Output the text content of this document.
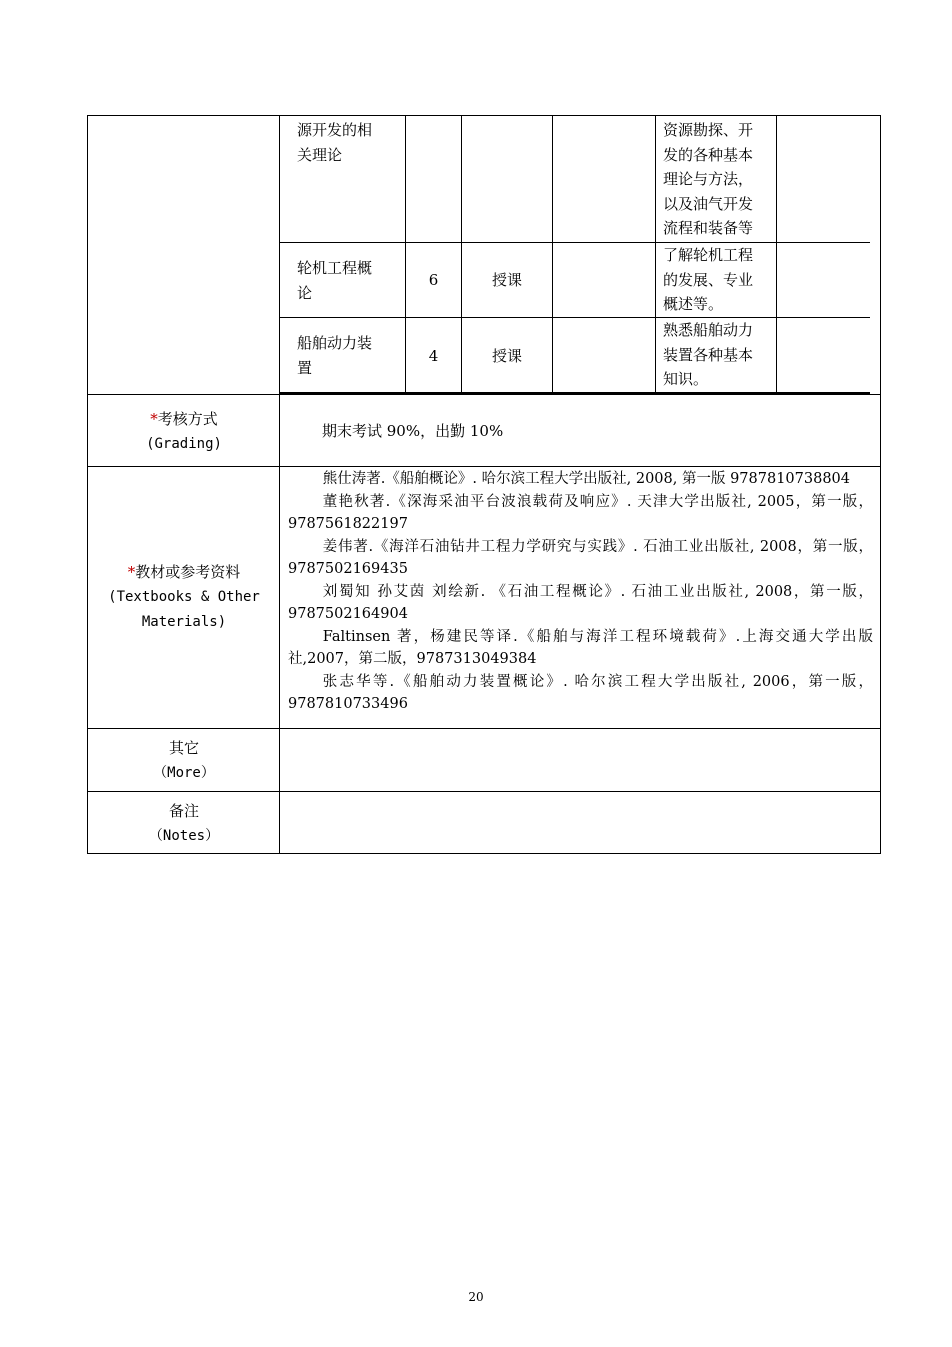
源开发的相
关理论
资源勘探、开
发的各种基本
理论与方法，
以及油气开发
流程和装备等
轮机工程概
论
6	授课
了解轮机工程
的发展、专业
概述等。
船舶动力装
置
4	授课
熟悉船舶动力
装置各种基本
知识。
*考核方式
(Grading)
期末考试 90%，出勤 10%
*教材或参考资料
(Textbooks & Other
Materials)

熊仕涛著.《船舶概论》. 哈尔滨工程大学出版社, 2008, 第一版 9787810738804

董艳秋著.《深海采油平台波浪载荷及响应》. 天津大学出版社, 2005，第一版，9787561822197

姜伟著.《海洋石油钻井工程力学研究与实践》. 石油工业出版社, 2008，第一版，9787502169435

刘蜀知 孙艾茵 刘绘新. 《石油工程概论》. 石油工业出版社, 2008，第一版，9787502164904

Faltinsen 著，杨建民等译.《船舶与海洋工程环境载荷》.上海交通大学出版社,2007，第二版，9787313049384

张志华等.《船舶动力装置概论》. 哈尔滨工程大学出版社, 2006，第一版，9787810733496

其它
（More）
备注
（Notes）
20
